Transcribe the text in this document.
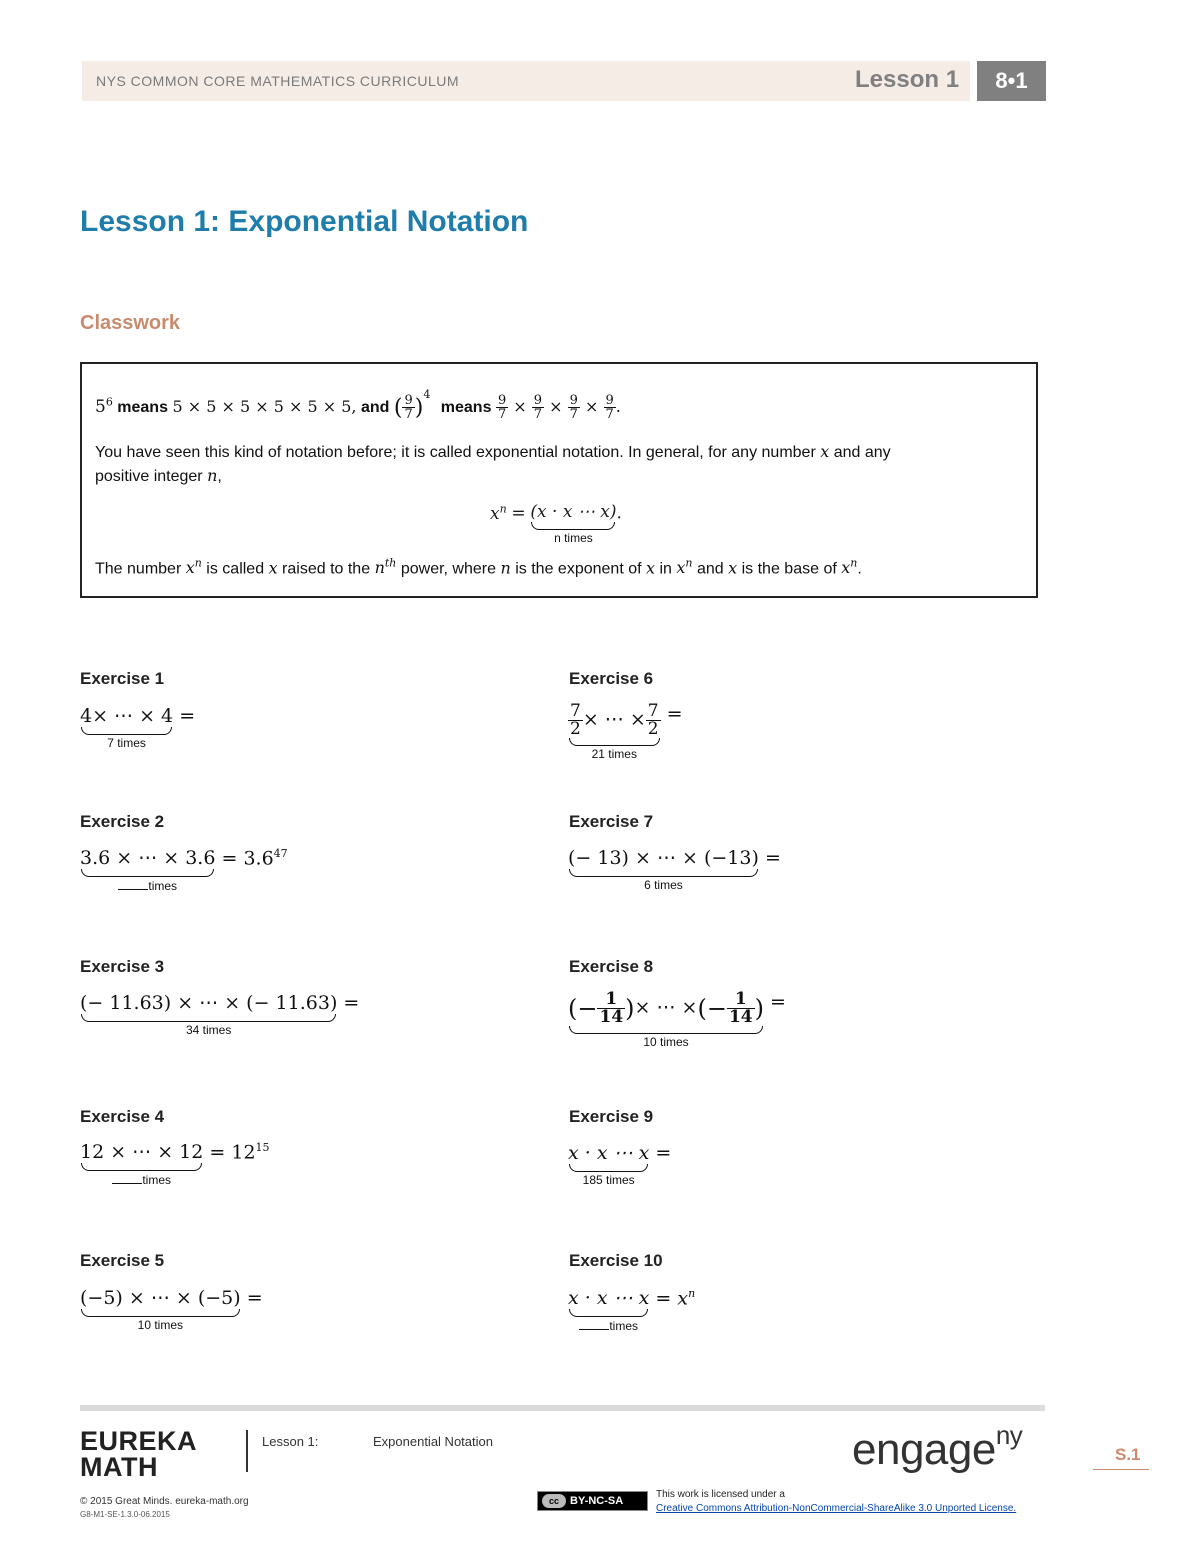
NYS COMMON CORE MATHEMATICS CURRICULUM	Lesson 1	8•1
Lesson 1: Exponential Notation
Classwork
$5^6$ means 5 × 5 × 5 × 5 × 5 × 5, and ( $\frac{9}{7} )^4$ means $\frac{9}{7} \times \frac{9}{7} \times \frac{9}{7} \times \frac{9}{7}$ .
You have seen this kind of notation before; it is called exponential notation. In general, for any number x and any
positive integer n,
$x^n = (x \cdot x$ ⋯ x)
n times
.
The number $x^n$ is called x raised to the $n^{th}$ power, where n is the exponent of x in $x^n$ and x is the base of $x^n$.
Exercise 1
4× ⋯ × 4
7 times
=
Exercise 2
3.6 × ⋯ × 3.6
times
= $3.6^{47}$
Exercise 3
(− 11.63) × ⋯ × (− 11.63)
34 times
=
Exercise 4
12 × ⋯ × 12
times
= $12^{15}$
Exercise 5
(−5) × ⋯ × (−5)
10 times
=
Exercise 6
$\frac{7}{2}$ × ⋯ × $\frac{7}{2}$
21 times
=
Exercise 7
(− 13) × ⋯ × (−13)
6 times
=
Exercise 8
(− $\frac{1}{14}$ )× ⋯ ×(− $\frac{1}{14}$ )
10 times
=
Exercise 9
x · x ⋯ x
185 times
=
Exercise 10
x · x ⋯ x
times
= $x^n$
EUREKA
MATH
Lesson 1:	Exponential Notation	engage$^{ny}$
S.1
© 2015 Great Minds. eureka-math.org
G8-M1-SE-1.3.0-06.2015
cc BY-NC-SA
This work is licensed under a
Creative Commons Attribution-NonCommercial-ShareAlike 3.0 Unported License.
